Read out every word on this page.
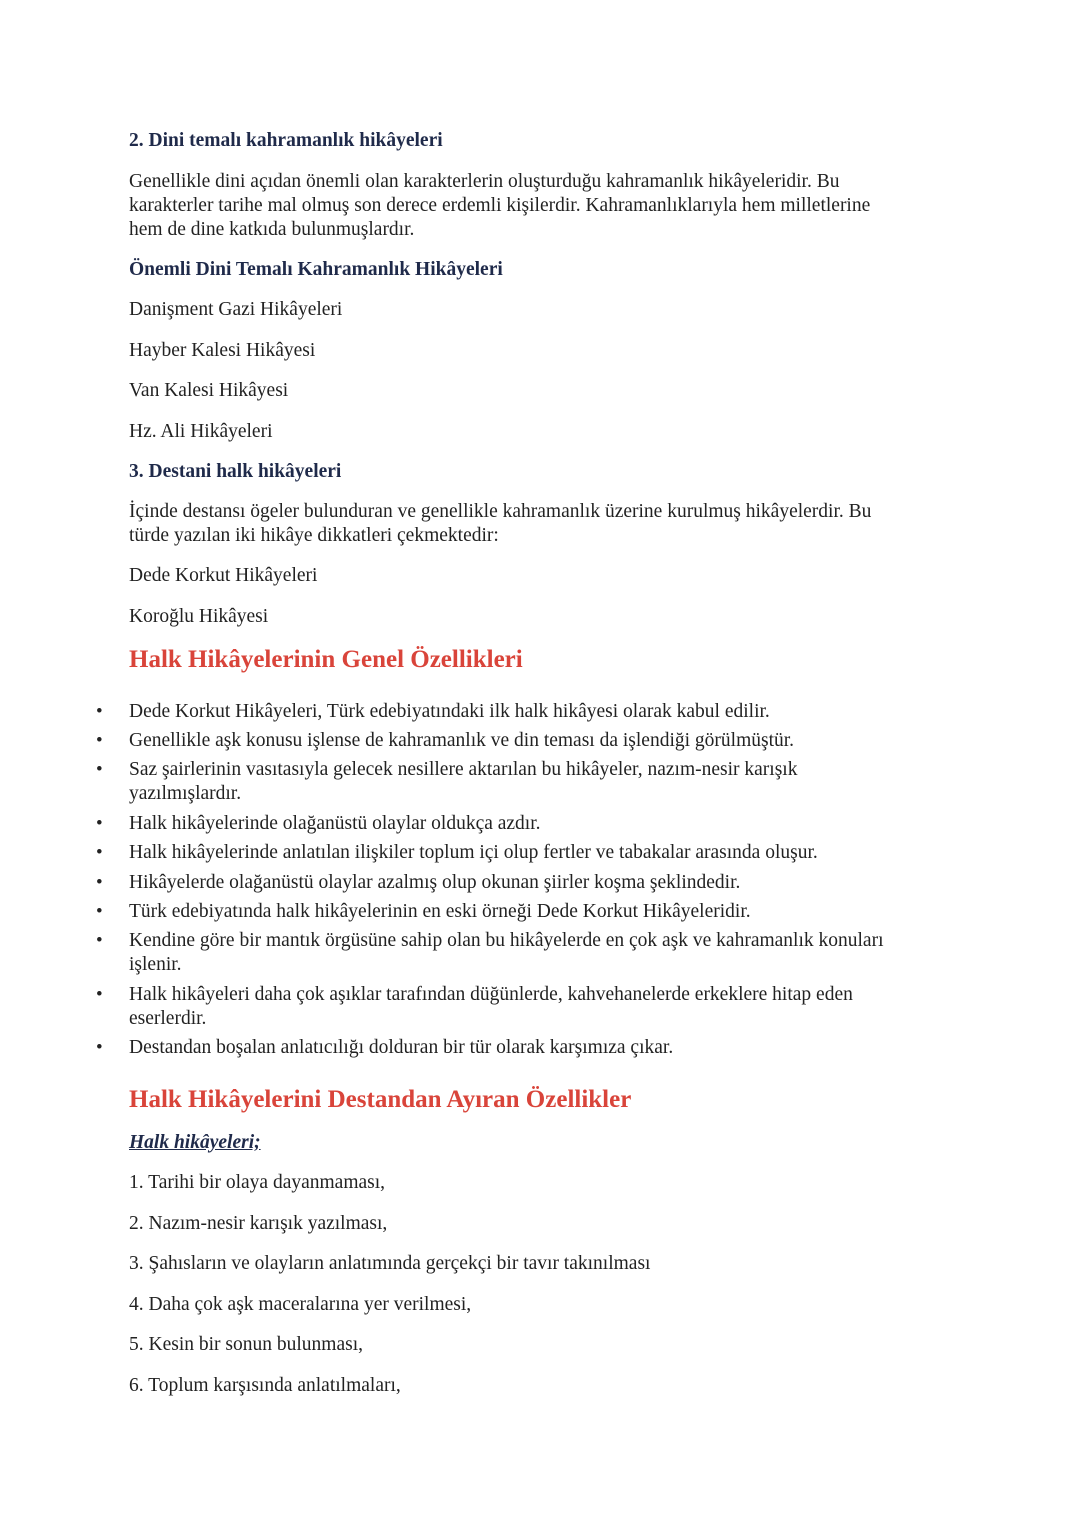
2. Dini temalı kahramanlık hikâyeleri
Genellikle dini açıdan önemli olan karakterlerin oluşturduğu kahramanlık hikâyeleridir. Bu
karakterler tarihe mal olmuş son derece erdemli kişilerdir. Kahramanlıklarıyla hem milletlerine
hem de dine katkıda bulunmuşlardır.
Önemli Dini Temalı Kahramanlık Hikâyeleri
Danişment Gazi Hikâyeleri
Hayber Kalesi Hikâyesi
Van Kalesi Hikâyesi
Hz. Ali Hikâyeleri
3. Destani halk hikâyeleri
İçinde destansı ögeler bulunduran ve genellikle kahramanlık üzerine kurulmuş hikâyelerdir. Bu
türde yazılan iki hikâye dikkatleri çekmektedir:
Dede Korkut Hikâyeleri
Koroğlu Hikâyesi
Halk Hikâyelerinin Genel Özellikleri
• Dede Korkut Hikâyeleri, Türk edebiyatındaki ilk halk hikâyesi olarak kabul edilir.
• Genellikle aşk konusu işlense de kahramanlık ve din teması da işlendiği görülmüştür.
• Saz şairlerinin vasıtasıyla gelecek nesillere aktarılan bu hikâyeler, nazım-nesir karışık
yazılmışlardır.
• Halk hikâyelerinde olağanüstü olaylar oldukça azdır.
• Halk hikâyelerinde anlatılan ilişkiler toplum içi olup fertler ve tabakalar arasında oluşur.
• Hikâyelerde olağanüstü olaylar azalmış olup okunan şiirler koşma şeklindedir.
• Türk edebiyatında halk hikâyelerinin en eski örneği Dede Korkut Hikâyeleridir.
• Kendine göre bir mantık örgüsüne sahip olan bu hikâyelerde en çok aşk ve kahramanlık konuları
işlenir.
• Halk hikâyeleri daha çok aşıklar tarafından düğünlerde, kahvehanelerde erkeklere hitap eden
eserlerdir.
• Destandan boşalan anlatıcılığı dolduran bir tür olarak karşımıza çıkar.
Halk Hikâyelerini Destandan Ayıran Özellikler
Halk hikâyeleri;
1. Tarihi bir olaya dayanmaması,
2. Nazım-nesir karışık yazılması,
3. Şahısların ve olayların anlatımında gerçekçi bir tavır takınılması
4. Daha çok aşk maceralarına yer verilmesi,
5. Kesin bir sonun bulunması,
6. Toplum karşısında anlatılmaları,
